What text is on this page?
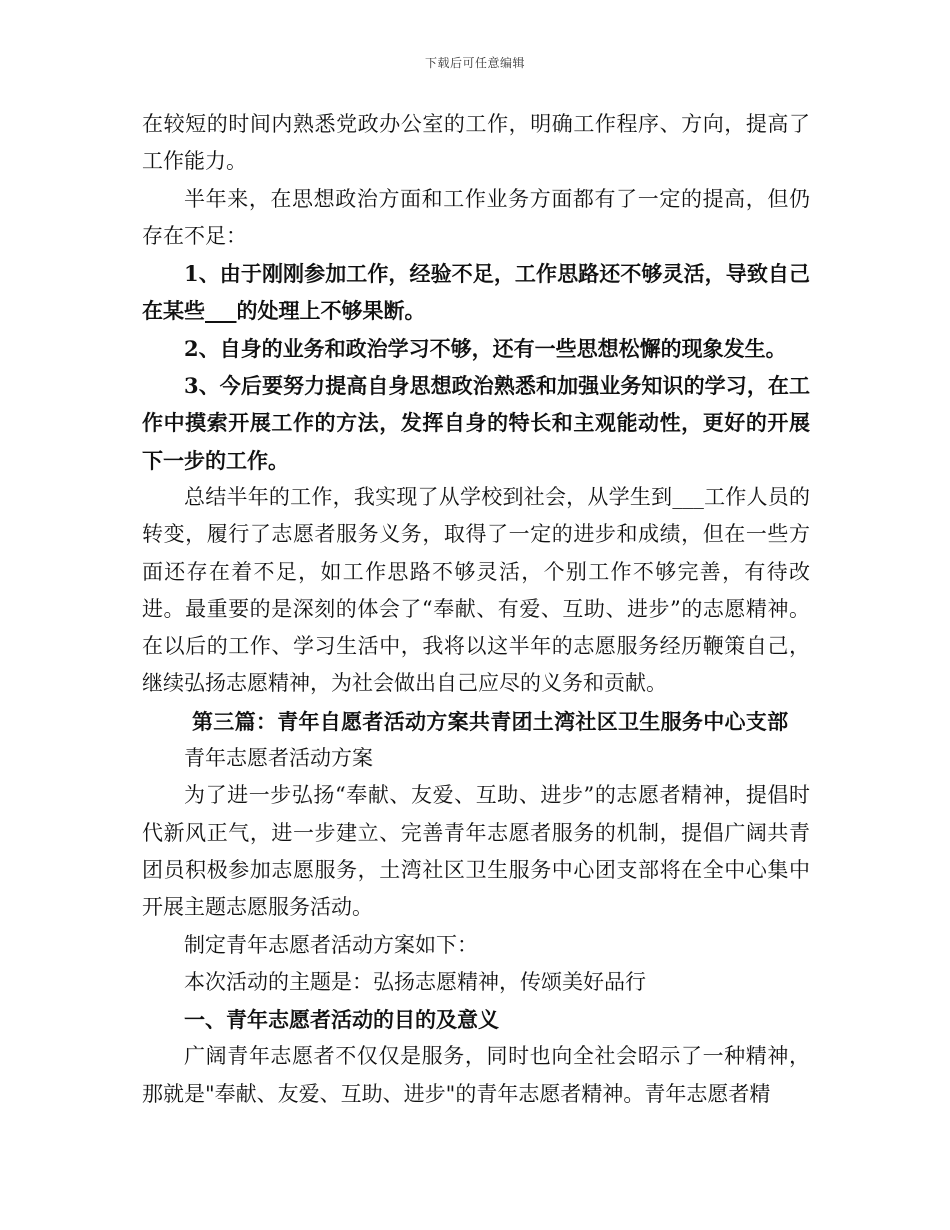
下载后可任意编辑

在较短的时间内熟悉党政办公室的工作，明确工作程序、方向，提高了工作能力。

半年来，在思想政治方面和工作业务方面都有了一定的提高，但仍存在不足：

1、由于刚刚参加工作，经验不足，工作思路还不够灵活，导致自己在某些___的处理上不够果断。

2、自身的业务和政治学习不够，还有一些思想松懈的现象发生。

3、今后要努力提高自身思想政治熟悉和加强业务知识的学习，在工作中摸索开展工作的方法，发挥自身的特长和主观能动性，更好的开展下一步的工作。

总结半年的工作，我实现了从学校到社会，从学生到___工作人员的转变，履行了志愿者服务义务，取得了一定的进步和成绩，但在一些方面还存在着不足，如工作思路不够灵活，个别工作不够完善，有待改进。最重要的是深刻的体会了“奉献、有爱、互助、进步”的志愿精神。在以后的工作、学习生活中，我将以这半年的志愿服务经历鞭策自己，继续弘扬志愿精神，为社会做出自己应尽的义务和贡献。

第三篇：青年自愿者活动方案共青团土湾社区卫生服务中心支部

青年志愿者活动方案

为了进一步弘扬“奉献、友爱、互助、进步”的志愿者精神，提倡时代新风正气，进一步建立、完善青年志愿者服务的机制，提倡广阔共青团员积极参加志愿服务，土湾社区卫生服务中心团支部将在全中心集中开展主题志愿服务活动。

制定青年志愿者活动方案如下：

本次活动的主题是：弘扬志愿精神，传颂美好品行

一、青年志愿者活动的目的及意义

广阔青年志愿者不仅仅是服务，同时也向全社会昭示了一种精神，那就是"奉献、友爱、互助、进步"的青年志愿者精神。青年志愿者精
